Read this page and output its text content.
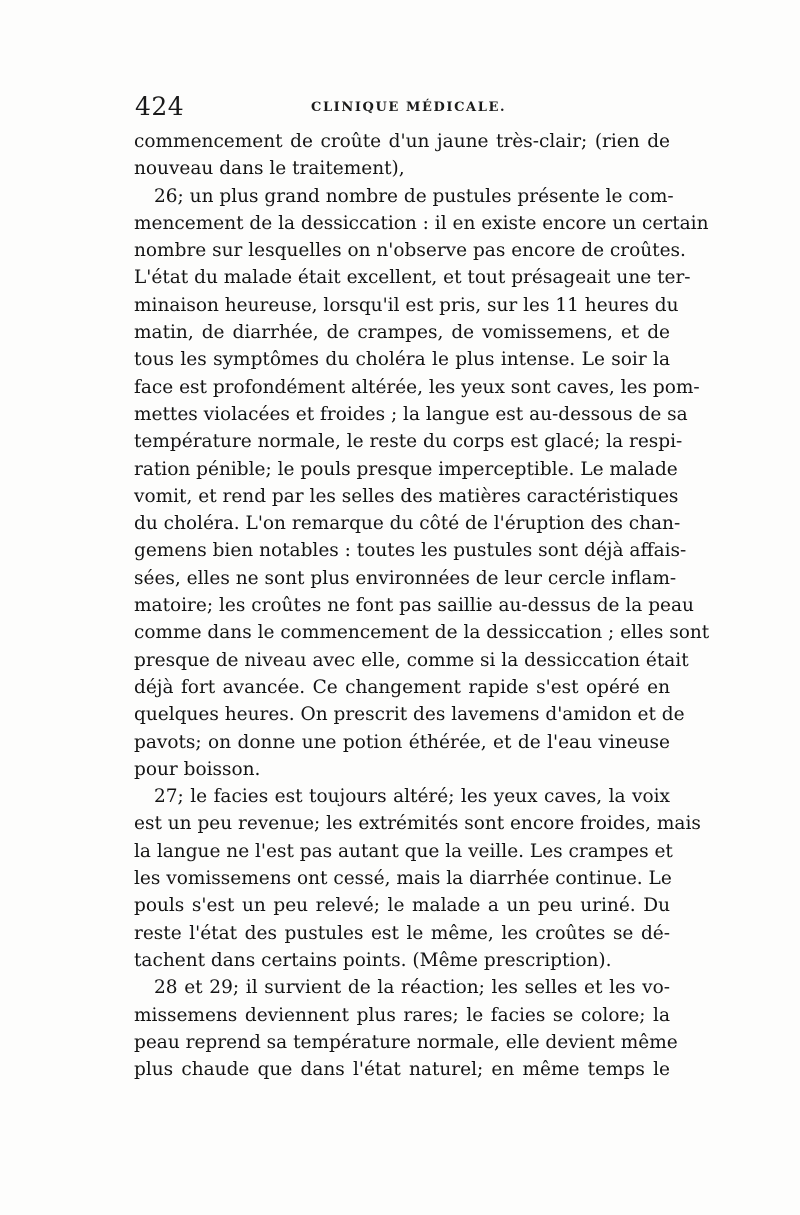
424	CLINIQUE MÉDICALE.
commencement de croûte d'un jaune très-clair; (rien de
nouveau dans le traitement),
26; un plus grand nombre de pustules présente le com-
mencement de la dessiccation : il en existe encore un certain
nombre sur lesquelles on n'observe pas encore de croûtes.
L'état du malade était excellent, et tout présageait une ter-
minaison heureuse, lorsqu'il est pris, sur les 11 heures du
matin, de diarrhée, de crampes, de vomissemens, et de
tous les symptômes du choléra le plus intense. Le soir la
face est profondément altérée, les yeux sont caves, les pom-
mettes violacées et froides ; la langue est au-dessous de sa
température normale, le reste du corps est glacé; la respi-
ration pénible; le pouls presque imperceptible. Le malade
vomit, et rend par les selles des matières caractéristiques
du choléra. L'on remarque du côté de l'éruption des chan-
gemens bien notables : toutes les pustules sont déjà affais-
sées, elles ne sont plus environnées de leur cercle inflam-
matoire; les croûtes ne font pas saillie au-dessus de la peau
comme dans le commencement de la dessiccation ; elles sont
presque de niveau avec elle, comme si la dessiccation était
déjà fort avancée. Ce changement rapide s'est opéré en
quelques heures. On prescrit des lavemens d'amidon et de
pavots; on donne une potion éthérée, et de l'eau vineuse
pour boisson.
27; le facies est toujours altéré; les yeux caves, la voix
est un peu revenue; les extrémités sont encore froides, mais
la langue ne l'est pas autant que la veille. Les crampes et
les vomissemens ont cessé, mais la diarrhée continue. Le
pouls s'est un peu relevé; le malade a un peu uriné. Du
reste l'état des pustules est le même, les croûtes se dé-
tachent dans certains points. (Même prescription).
28 et 29; il survient de la réaction; les selles et les vo-
missemens deviennent plus rares; le facies se colore; la
peau reprend sa température normale, elle devient même
plus chaude que dans l'état naturel; en même temps le
